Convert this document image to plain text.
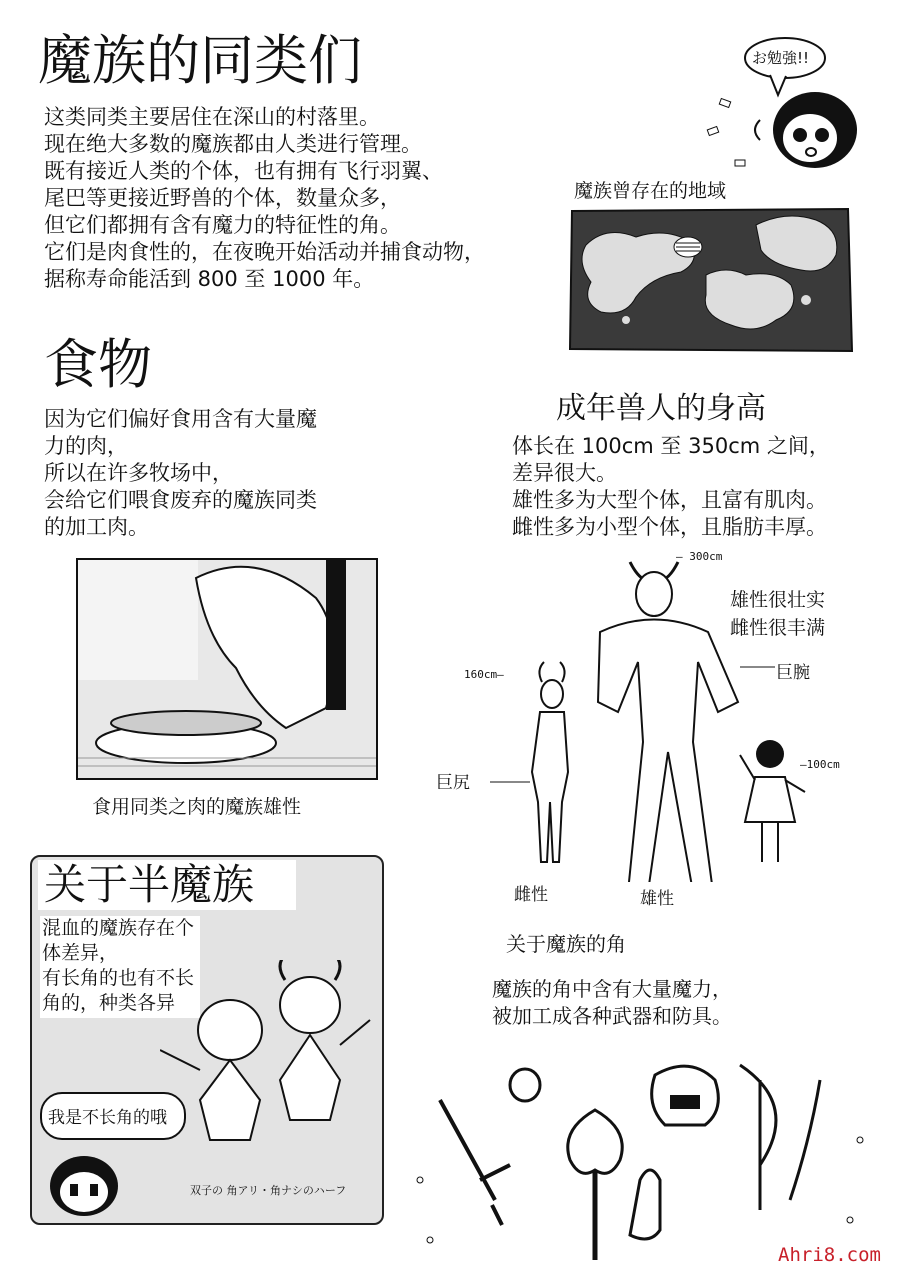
魔族的同类们
这类同类主要居住在深山的村落里。
现在绝大多数的魔族都由人类进行管理。
既有接近人类的个体，也有拥有飞行羽翼、
尾巴等更接近野兽的个体，数量众多，
但它们都拥有含有魔力的特征性的角。
它们是肉食性的，在夜晚开始活动并捕食动物，
据称寿命能活到 800 至 1000 年。
お勉強!!
魔族曾存在的地域
食物
因为它们偏好食用含有大量魔
力的肉，
所以在许多牧场中，
会给它们喂食废弃的魔族同类
的加工肉。
食用同类之肉的魔族雄性
成年兽人的身高
体长在 100cm 至 350cm 之间，
差异很大。
雄性多为大型个体，且富有肌肉。
雌性多为小型个体，且脂肪丰厚。
雄性很壮实
雌性很丰满
— 300cm
160cm—
—100cm
巨腕
巨尻
雌性	雄性
关于半魔族
混血的魔族存在个
体差异，
有长角的也有不长
角的，种类各异
我是不长角的哦
双子の 角アリ・角ナシのハーフ
关于魔族的角
魔族的角中含有大量魔力，
被加工成各种武器和防具。
Ahri8.com
